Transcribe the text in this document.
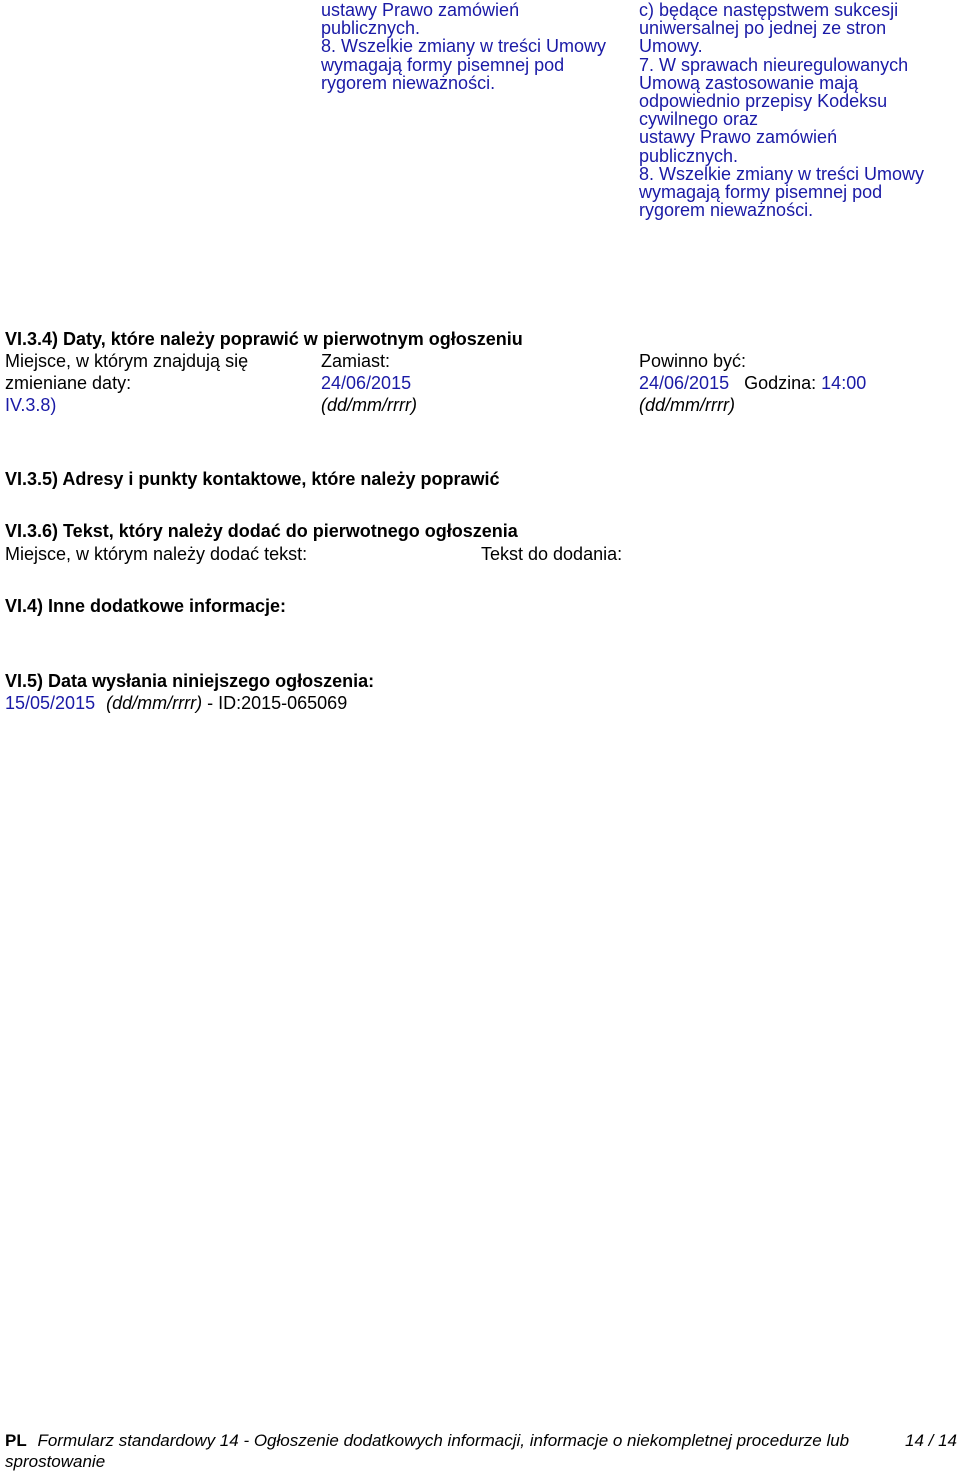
ustawy Prawo zamówień
publicznych.
8. Wszelkie zmiany w treści Umowy
wymagają formy pisemnej pod
rygorem nieważności.
c) będące następstwem sukcesji
uniwersalnej po jednej ze stron
Umowy.
7. W sprawach nieuregulowanych
Umową zastosowanie mają
odpowiednio przepisy Kodeksu
cywilnego oraz
ustawy Prawo zamówień
publicznych.
8. Wszelkie zmiany w treści Umowy
wymagają formy pisemnej pod
rygorem nieważności.
VI.3.4) Daty, które należy poprawić w pierwotnym ogłoszeniu
Miejsce, w którym znajdują się
zmieniane daty:
IV.3.8)
Zamiast:
24/06/2015
(dd/mm/rrrr)
Powinno być:
24/06/2015 Godzina: 14:00
(dd/mm/rrrr)
VI.3.5) Adresy i punkty kontaktowe, które należy poprawić
VI.3.6) Tekst, który należy dodać do pierwotnego ogłoszenia
Miejsce, w którym należy dodać tekst:	Tekst do dodania:
VI.4) Inne dodatkowe informacje:
VI.5) Data wysłania niniejszego ogłoszenia:
15/05/2015 (dd/mm/rrrr) - ID:2015-065069
PL Formularz standardowy 14 - Ogłoszenie dodatkowych informacji, informacje o niekompletnej procedurze lub
sprostowanie
14 / 14
